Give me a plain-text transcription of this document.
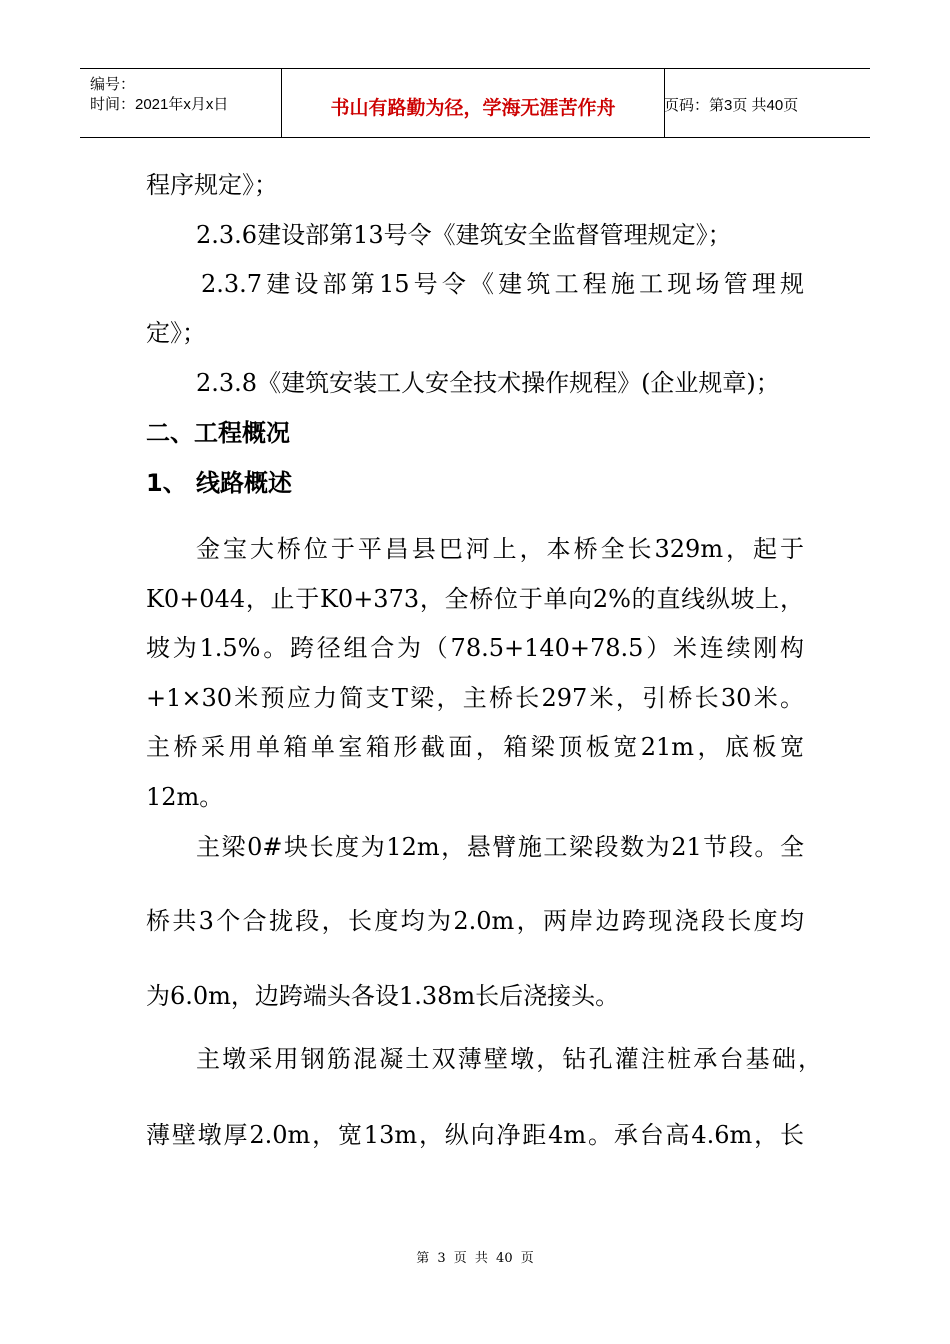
编号：
时间：2021年x月x日	书山有路勤为径，学海无涯苦作舟	页码：第3页 共40页
程序规定》；
2.3.6建设部第13号令《建筑安全监督管理规定》；
2.3.7建设部第15号令《建筑工程施工现场管理规
定》；
2.3.8《建筑安装工人安全技术操作规程》(企业规章)；
二、工程概况
1、 线路概述
金宝大桥位于平昌县巴河上，本桥全长329m，起于
K0+044，止于K0+373，全桥位于单向2%的直线纵坡上，
坡为1.5%。跨径组合为（78.5+140+78.5）米连续刚构
+1×30米预应力简支T梁，主桥长297米，引桥长30米。
主桥采用单箱单室箱形截面，箱梁顶板宽21m，底板宽
12m。
主梁0#块长度为12m，悬臂施工梁段数为21节段。全
桥共3个合拢段，长度均为2.0m，两岸边跨现浇段长度均
为6.0m，边跨端头各设1.38m长后浇接头。
主墩采用钢筋混凝土双薄壁墩，钻孔灌注桩承台基础，
薄壁墩厚2.0m，宽13m，纵向净距4m。承台高4.6m，长
第 3 页 共 40 页
